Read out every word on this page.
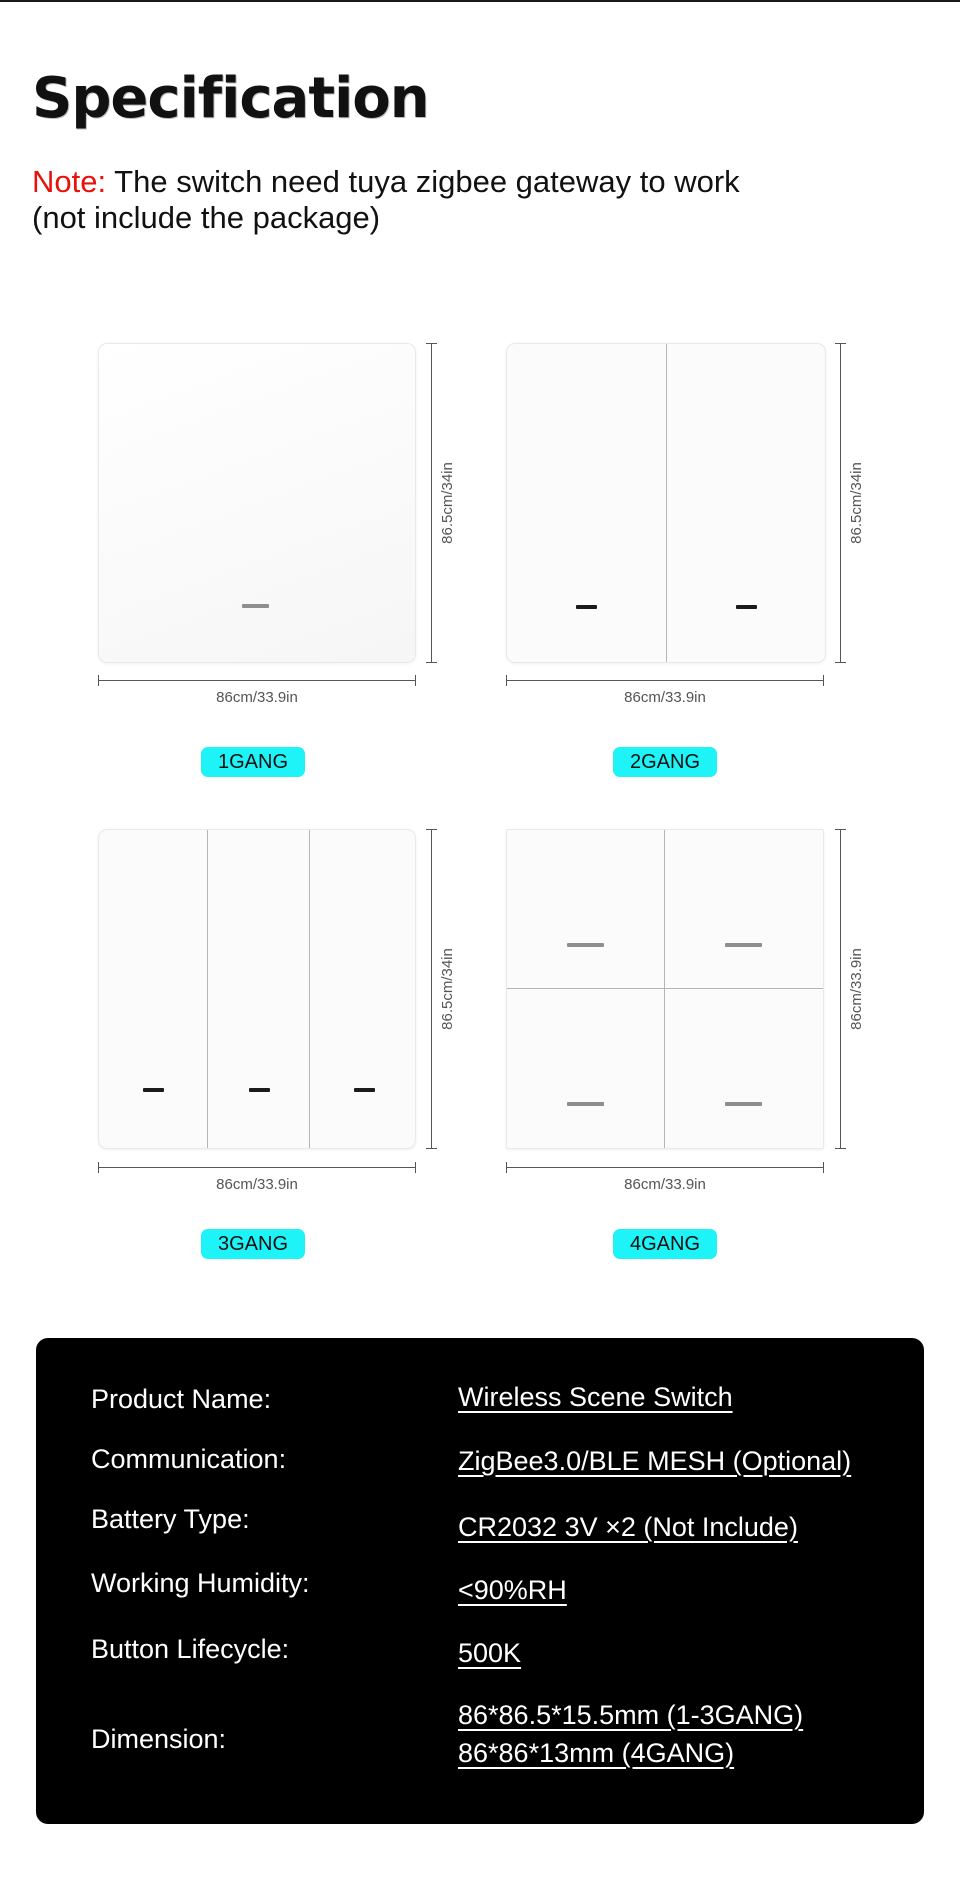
Specification
Note: The switch need tuya zigbee gateway to work
(not include the package)
86.5cm/34in
86cm/33.9in
1GANG
86.5cm/34in
86cm/33.9in
2GANG
86.5cm/34in
86cm/33.9in
3GANG
86cm/33.9in
86cm/33.9in
4GANG
Product Name:	Wireless Scene Switch
Communication:	ZigBee3.0/BLE MESH (Optional)
Battery Type:	CR2032 3V ×2 (Not Include)
Working Humidity:	<90%RH
Button Lifecycle:	500K
Dimension:
86*86.5*15.5mm (1-3GANG)
86*86*13mm (4GANG)
